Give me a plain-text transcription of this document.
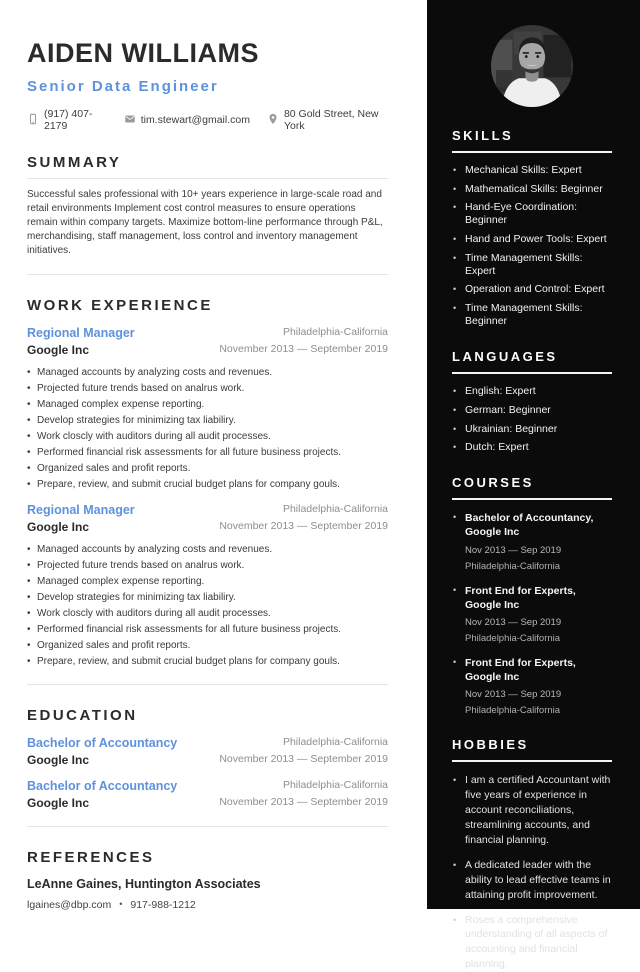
AIDEN WILLIAMS
Senior Data Engineer
(917) 407-2179	tim.stewart@gmail.com	80 Gold Street, New York
SUMMARY

Successful sales professional with 10+ years experience in large-scale road and retail environments Implement cost control measures to ensure operations remain within company targets. Maximize bottom-line performance through P&L, merchandising, staff management, loss control and inventory management initiatives.

WORK EXPERIENCE
Regional Manager
Google Inc
Philadelphia-California
November 2013 — September 2019
• Managed accounts by analyzing costs and revenues.
• Projected future trends based on analrus work.
• Managed complex expense reporting.
• Develop strategies for minimizing tax liabiliry.
• Work closcly with auditors during all audit processes.
• Performed financial risk assessments for all future business projects.
• Organized sales and profit reports.
• Prepare, review, and submit crucial budget plans for company gouls.
Regional Manager
Google Inc
Philadelphia-California
November 2013 — September 2019
• Managed accounts by analyzing costs and revenues.
• Projected future trends based on analrus work.
• Managed complex expense reporting.
• Develop strategies for minimizing tax liabiliry.
• Work closcly with auditors during all audit processes.
• Performed financial risk assessments for all future business projects.
• Organized sales and profit reports.
• Prepare, review, and submit crucial budget plans for company gouls.
EDUCATION
Bachelor of Accountancy
Google Inc
Philadelphia-California
November 2013 — September 2019
Bachelor of Accountancy
Google Inc
Philadelphia-California
November 2013 — September 2019
REFERENCES
LeAnne Gaines, Huntington Associates
lgaines@dbp.com • 917-988-1212
SKILLS
• Mechanical Skills: Expert
• Mathematical Skills: Beginner
• Hand-Eye Coordination: Beginner
• Hand and Power Tools: Expert
• Time Management Skills: Expert
• Operation and Control: Expert
• Time Management Skills: Beginner
LANGUAGES
• English: Expert
• German: Beginner
• Ukrainian: Beginner
• Dutch: Expert
COURSES
• Bachelor of Accountancy, Google Inc
Nov 2013 — Sep 2019
Philadelphia-California
• Front End for Experts, Google Inc
Nov 2013 — Sep 2019
Philadelphia-California
• Front End for Experts, Google Inc
Nov 2013 — Sep 2019
Philadelphia-California
HOBBIES
• I am a certified Accountant with five years of experience in account reconciliations, streamlining accounts, and financial planning.
• A dedicated leader with the ability to lead effective teams in attaining profit improvement.
• Roses a comprehensive understanding of all aspects of accounting and financial planning.
